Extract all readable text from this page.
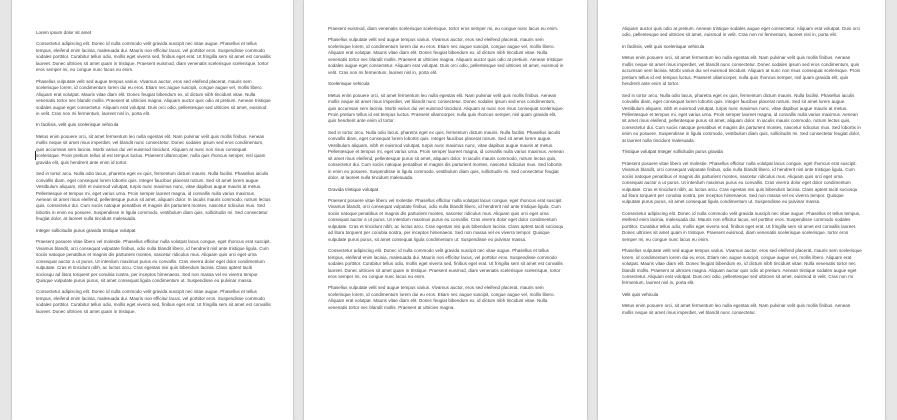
Lorem ipsum dolor sit amet

Consectetur adipiscing elit. Donec id nulla commodo velit gravida suscipit nec vitae augue. Phasellus et tellus tempus, eleifend enim lacinia, malesuada dui. Mauris non efficitur lacus, vel porttitor eros. Suspendisse commodo sodales porttitor. Curabitur tellus odio, mollis eget viverra sed, finibus eget erat. Ut fringilla sem sit amet est convallis laoreet. Donec ultricies sit amet quam in tristique. Praesent euismod, diam venenatis scelerisque scelerisque, tortor eros semper mi, eu congue nunc lacus eu enim.

Phasellus vulputate velit sed augue tempus varius. Vivamus auctor, eros sed eleifend placerat, mauris sem scelerisque lorem, id condimentum lorem dui eu eros. Etiam nec augue suscipit, congue augue vel, mollis libero. Aliquam erat volutpat. Mauris vitae diam elit. Donec feugiat bibendum ex, id dictum nibh tincidunt vitae. Nulla venenatis tortor nec blandit mollis. Praesent at ultricies magna. Aliquam auctor quis odio at pretium. Aenean tristique sodales augue eget consectetur. Aliquam erat volutpat. Duis orci odio, pellentesque sed ultricies sit amet, euismod in velit. Cras non mi fermentum, laoreet nisl in, porta elit.

In facilisis, velit quis scelerisque vehicula

Metus enim posuere orci, sit amet fermentum leo nulla egestas elit. Nam pulvinar velit quis mollis finibus. Aenean mollis neque sit amet risus imperdiet, vel blandit nunc consectetur. Donec sodales ipsum sed eros condimentum, quis accumsan sem lacinia. Morbi varius dui vel euismod tincidunt. Aliquam at nunc non risus consequat scelerisque. Proin pretium tellus id est tempus luctus. Praesent ullamcorper, nulla quis rhoncus semper, nisl quam gravida elit, quis hendrerit ante enim id tortor.

Sed in tortor arcu. Nulla odio lacus, pharetra eget ex quis, fermentum dictum mauris. Nulla facilisi. Phasellus iaculis convallis diam, eget consequat lorem lobortis quis. Integer faucibus placerat rutrum. Sed sit amet lorem augue. Vestibulum aliquam, nibh et euismod volutpat, turpis nunc maximus nunc, vitae dapibus augue mauris at metus. Pellentesque et tempus mi, eget varius urna. Proin semper laoreet magna, id convallis nulla varius maximus. Aenean sit amet risus eleifend, pellentesque purus sit amet, aliquam dolor. In iaculis mauris commodo, rutrum lectus quis, consectetur dui. Cum sociis natoque penatibus et magnis dis parturient montes, nascetur ridiculus mus. Sed lobortis in enim eu posuere. Suspendisse in ligula commodo, vestibulum diam quis, sollicitudin mi. Sed consectetur feugiat dolor, at laoreet nulla tincidunt malesuada.

Integer sollicitudin purus gravida tristique volutpat

Praesent posuere vitae libero vel molestie. Phasellus efficitur nulla volutpat lacus congue, eget rhoncus erat suscipit. Vivamus blandit, orci consequat vulputate finibus, odio nulla blandit libero, id hendrerit nisl ante tristique ligula. Cum sociis natoque penatibus et magnis dis parturient montes, nascetur ridiculus mus. Aliquam quis orci eget urna consequat auctor a ut purus. Ut interdum maximus purus eu convallis. Cras viverra dolor eget dolor condimentum vulputate. Cras et tincidunt nibh, ac luctus arcu. Cras egestas nisi quis bibendum lacinia. Class aptent taciti sociosqu ad litora torquent per conubia nostra, per inceptos himenaeos. Sed non massa vel ex viverra tempor. Quisque vulputate purus purus, sit amet consequat ligula condimentum ut. Suspendisse eu pulvinar massa.

Consectetur adipiscing elit. Donec id nulla commodo velit gravida suscipit nec vitae augue. Phasellus et tellus tempus, eleifend enim lacinia, malesuada dui. Mauris non efficitur lacus, vel porttitor eros. Suspendisse commodo sodales porttitor. Curabitur tellus odio, mollis eget viverra sed, finibus eget erat. Ut fringilla sem sit amet est convallis laoreet. Donec ultricies sit amet quam in tristique.

Praesent euismod, diam venenatis scelerisque scelerisque, tortor eros semper mi, eu congue nunc lacus eu enim.

Phasellus vulputate velit sed augue tempus varius. Vivamus auctor, eros sed eleifend placerat, mauris sem scelerisque lorem, id condimentum lorem dui eu eros. Etiam nec augue suscipit, congue augue vel, mollis libero. Aliquam erat volutpat. Mauris vitae diam elit. Donec feugiat bibendum ex, id dictum nibh tincidunt vitae. Nulla venenatis tortor nec blandit mollis. Praesent at ultricies magna. Aliquam auctor quis odio at pretium. Aenean tristique sodales augue eget consectetur. Aliquam erat volutpat. Duis orci odio, pellentesque sed ultricies sit amet, euismod in velit. Cras non mi fermentum, laoreet nisl in, porta elit.

Scelerisque vehicula

Metus enim posuere orci, sit amet fermentum leo nulla egestas elit. Nam pulvinar velit quis mollis finibus. Aenean mollis neque sit amet risus imperdiet, vel blandit nunc consectetur. Donec sodales ipsum sed eros condimentum, quis accumsan sem lacinia. Morbi varius dui vel euismod tincidunt. Aliquam at nunc non risus consequat scelerisque. Proin pretium tellus id est tempus luctus. Praesent ullamcorper, nulla quis rhoncus semper, nisl quam gravida elit, quis hendrerit ante enim id tortor.

Sed in tortor arcu. Nulla odio lacus, pharetra eget ex quis, fermentum dictum mauris. Nulla facilisi. Phasellus iaculis convallis diam, eget consequat lorem lobortis quis. Integer faucibus placerat rutrum. Sed sit amet lorem augue. Vestibulum aliquam, nibh et euismod volutpat, turpis nunc maximus nunc, vitae dapibus augue mauris at metus. Pellentesque et tempus mi, eget varius urna. Proin semper laoreet magna, id convallis nulla varius maximus. Aenean sit amet risus eleifend, pellentesque purus sit amet, aliquam dolor. In iaculis mauris commodo, rutrum lectus quis, consectetur dui. Cum sociis natoque penatibus et magnis dis parturient montes, nascetur ridiculus mus. Sed lobortis in enim eu posuere. Suspendisse in ligula commodo, vestibulum diam quis, sollicitudin mi. Sed consectetur feugiat dolor, at laoreet nulla tincidunt malesuada.

Gravida tristique volutpat

Praesent posuere vitae libero vel molestie. Phasellus efficitur nulla volutpat lacus congue, eget rhoncus erat suscipit. Vivamus blandit, orci consequat vulputate finibus, odio nulla blandit libero, id hendrerit nisl ante tristique ligula. Cum sociis natoque penatibus et magnis dis parturient montes, nascetur ridiculus mus. Aliquam quis orci eget urna consequat auctor a ut purus. Ut interdum maximus purus eu convallis. Cras viverra dolor eget dolor condimentum vulputate. Cras et tincidunt nibh, ac luctus arcu. Cras egestas nisi quis bibendum lacinia. Class aptent taciti sociosqu ad litora torquent per conubia nostra, per inceptos himenaeos. Sed non massa vel ex viverra tempor. Quisque vulputate purus purus, sit amet consequat ligula condimentum ut. Suspendisse eu pulvinar massa.

Consectetur adipiscing elit. Donec id nulla commodo velit gravida suscipit nec vitae augue. Phasellus et tellus tempus, eleifend enim lacinia, malesuada dui. Mauris non efficitur lacus, vel porttitor eros. Suspendisse commodo sodales porttitor. Curabitur tellus odio, mollis eget viverra sed, finibus eget erat. Ut fringilla sem sit amet est convallis laoreet. Donec ultricies sit amet quam in tristique. Praesent euismod, diam venenatis scelerisque scelerisque, tortor eros semper mi, eu congue nunc lacus eu enim.

Phasellus vulputate velit sed augue tempus varius. Vivamus auctor, eros sed eleifend placerat, mauris sem scelerisque lorem, id condimentum lorem dui eu eros. Etiam nec augue suscipit, congue augue vel, mollis libero. Aliquam erat volutpat. Mauris vitae diam elit. Donec feugiat bibendum ex, id dictum nibh tincidunt vitae. Nulla venenatis tortor nec blandit mollis. Praesent at ultricies magna.

Aliquam auctor quis odio at pretium. Aenean tristique sodales augue eget consectetur. Aliquam erat volutpat. Duis orci odio, pellentesque sed ultricies sit amet, euismod in velit. Cras non mi fermentum, laoreet nisl in, porta elit.

In facilisis, velit quis scelerisque vehicula

Metus enim posuere orci, sit amet fermentum leo nulla egestas elit. Nam pulvinar velit quis mollis finibus. Aenean mollis neque sit amet risus imperdiet, vel blandit nunc consectetur. Donec sodales ipsum sed eros condimentum, quis accumsan sem lacinia. Morbi varius dui vel euismod tincidunt. Aliquam at nunc non risus consequat scelerisque. Proin pretium tellus id est tempus luctus. Praesent ullamcorper, nulla quis rhoncus semper, nisl quam gravida elit, quis hendrerit ante enim id tortor.

Sed in tortor arcu. Nulla odio lacus, pharetra eget ex quis, fermentum dictum mauris. Nulla facilisi. Phasellus iaculis convallis diam, eget consequat lorem lobortis quis. Integer faucibus placerat rutrum. Sed sit amet lorem augue. Vestibulum aliquam, nibh et euismod volutpat, turpis nunc maximus nunc, vitae dapibus augue mauris at metus. Pellentesque et tempus mi, eget varius urna. Proin semper laoreet magna, id convallis nulla varius maximus. Aenean sit amet risus eleifend, pellentesque purus sit amet, aliquam dolor. In iaculis mauris commodo, rutrum lectus quis, consectetur dui. Cum sociis natoque penatibus et magnis dis parturient montes, nascetur ridiculus mus. Sed lobortis in enim eu posuere. Suspendisse in ligula commodo, vestibulum diam quis, sollicitudin mi. Sed consectetur feugiat dolor, at laoreet nulla tincidunt malesuada.

Tristique volutpat Integer sollicitudin purus gravida

Praesent posuere vitae libero vel molestie. Phasellus efficitur nulla volutpat lacus congue, eget rhoncus erat suscipit. Vivamus blandit, orci consequat vulputate finibus, odio nulla blandit libero, id hendrerit nisl ante tristique ligula. Cum sociis natoque penatibus et magnis dis parturient montes, nascetur ridiculus mus. Aliquam quis orci eget urna consequat auctor a ut purus. Ut interdum maximus purus eu convallis. Cras viverra dolor eget dolor condimentum vulputate. Cras et tincidunt nibh, ac luctus arcu. Cras egestas nisi quis bibendum lacinia. Class aptent taciti sociosqu ad litora torquent per conubia nostra, per inceptos himenaeos. Sed non massa vel ex viverra tempor. Quisque vulputate purus purus, sit amet consequat ligula condimentum ut. Suspendisse eu pulvinar massa.

Consectetur adipiscing elit. Donec id nulla commodo velit gravida suscipit nec vitae augue. Phasellus et tellus tempus, eleifend enim lacinia, malesuada dui. Mauris non efficitur lacus, vel porttitor eros. Suspendisse commodo sodales porttitor. Curabitur tellus odio, mollis eget viverra sed, finibus eget erat. Ut fringilla sem sit amet est convallis laoreet. Donec ultricies sit amet quam in tristique. Praesent euismod, diam venenatis scelerisque scelerisque, tortor eros semper mi, eu congue nunc lacus eu enim.

Phasellus vulputate velit sed augue tempus varius. Vivamus auctor, eros sed eleifend placerat, mauris sem scelerisque lorem, id condimentum lorem dui eu eros. Etiam nec augue suscipit, congue augue vel, mollis libero. Aliquam erat volutpat. Mauris vitae diam elit. Donec feugiat bibendum ex, id dictum nibh tincidunt vitae. Nulla venenatis tortor nec blandit mollis. Praesent at ultricies magna. Aliquam auctor quis odio at pretium. Aenean tristique sodales augue eget consectetur. Aliquam erat volutpat. Duis orci odio, pellentesque sed ultricies sit amet, euismod in velit. Cras non mi fermentum, laoreet nisl in, porta elit.

Velit quis vehicula

Metus enim posuere orci, sit amet fermentum leo nulla egestas elit. Nam pulvinar velit quis mollis finibus. Aenean mollis neque sit amet risus imperdiet, vel blandit nunc consectetur.
